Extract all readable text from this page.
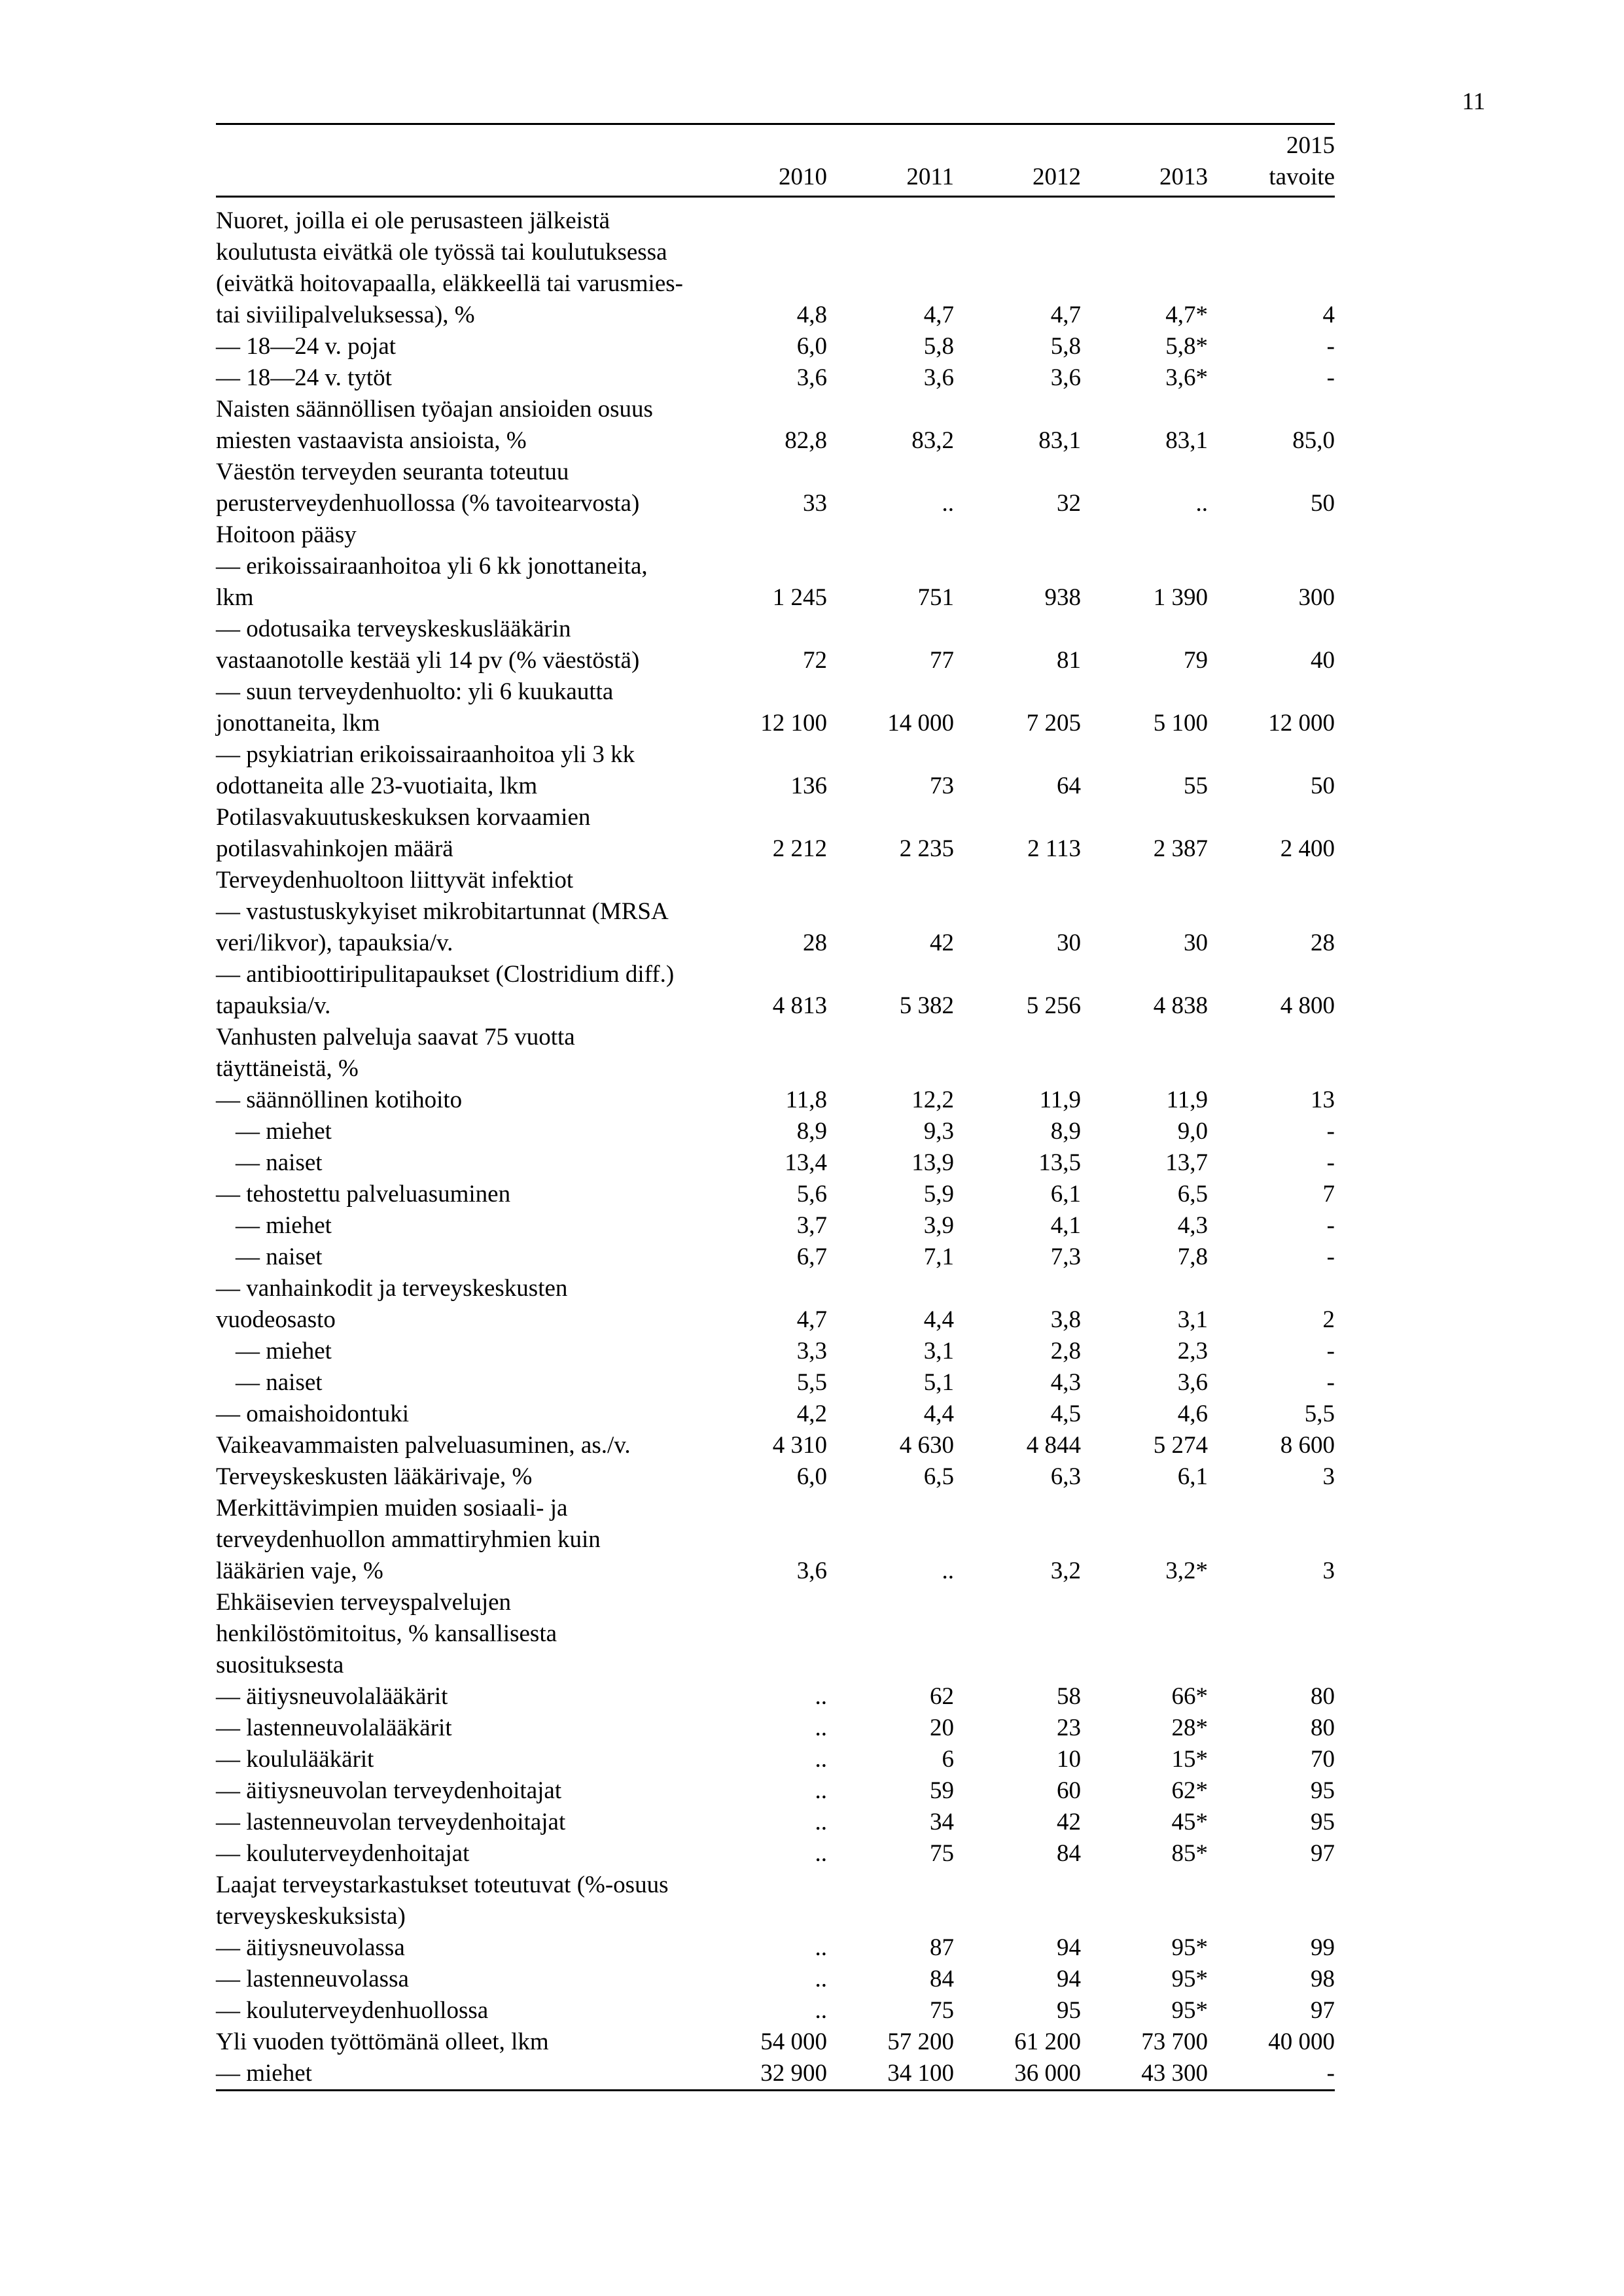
11
	2010	2011	2012	2013	2015
tavoite

Nuoret, joilla ei ole perusasteen jälkeistä koulutusta eivätkä ole työssä tai koulutuksessa (eivätkä hoitovapaalla, eläkkeellä tai varusmies- tai siviilipalveluksessa), %	4,8	4,7	4,7	4,7*	4
— 18—24 v. pojat	6,0	5,8	5,8	5,8*	-
— 18—24 v. tytöt	3,6	3,6	3,6	3,6*	-
Naisten säännöllisen työajan ansioiden osuus miesten vastaavista ansioista, %	82,8	83,2	83,1	83,1	85,0
Väestön terveyden seuranta toteutuu perusterveydenhuollossa (% tavoitearvosta)	33	..	32	..	50
Hoitoon pääsy					
— erikoissairaanhoitoa yli 6 kk jonottaneita, lkm	1 245	751	938	1 390	300
— odotusaika terveyskeskuslääkärin vastaanotolle kestää yli 14 pv (% väestöstä)	72	77	81	79	40
— suun terveydenhuolto: yli 6 kuukautta jonottaneita, lkm	12 100	14 000	7 205	5 100	12 000
— psykiatrian erikoissairaanhoitoa yli 3 kk odottaneita alle 23-vuotiaita, lkm	136	73	64	55	50
Potilasvakuutuskeskuksen korvaamien potilasvahinkojen määrä	2 212	2 235	2 113	2 387	2 400
Terveydenhuoltoon liittyvät infektiot					
— vastustuskykyiset mikrobitartunnat (MRSA veri/likvor), tapauksia/v.	28	42	30	30	28
— antibioottiripulitapaukset (Clostridium diff.) tapauksia/v.	4 813	5 382	5 256	4 838	4 800
Vanhusten palveluja saavat 75 vuotta täyttäneistä, %					
— säännöllinen kotihoito	11,8	12,2	11,9	11,9	13
— miehet	8,9	9,3	8,9	9,0	-
— naiset	13,4	13,9	13,5	13,7	-
— tehostettu palveluasuminen	5,6	5,9	6,1	6,5	7
— miehet	3,7	3,9	4,1	4,3	-
— naiset	6,7	7,1	7,3	7,8	-
— vanhainkodit ja terveyskeskusten vuodeosasto	4,7	4,4	3,8	3,1	2
— miehet	3,3	3,1	2,8	2,3	-
— naiset	5,5	5,1	4,3	3,6	-
— omaishoidontuki	4,2	4,4	4,5	4,6	5,5
Vaikeavammaisten palveluasuminen, as./v.	4 310	4 630	4 844	5 274	8 600
Terveyskeskusten lääkärivaje, %	6,0	6,5	6,3	6,1	3
Merkittävimpien muiden sosiaali- ja terveydenhuollon ammattiryhmien kuin lääkärien vaje, %	3,6	..	3,2	3,2*	3
Ehkäisevien terveyspalvelujen henkilöstömitoitus, % kansallisesta suosituksesta					
— äitiysneuvolalääkärit	..	62	58	66*	80
— lastenneuvolalääkärit	..	20	23	28*	80
— koululääkärit	..	6	10	15*	70
— äitiysneuvolan terveydenhoitajat	..	59	60	62*	95
— lastenneuvolan terveydenhoitajat	..	34	42	45*	95
— kouluterveydenhoitajat	..	75	84	85*	97
Laajat terveystarkastukset toteutuvat (%-osuus terveyskeskuksista)					
— äitiysneuvolassa	..	87	94	95*	99
— lastenneuvolassa	..	84	94	95*	98
— kouluterveydenhuollossa	..	75	95	95*	97
Yli vuoden työttömänä olleet, lkm	54 000	57 200	61 200	73 700	40 000
— miehet	32 900	34 100	36 000	43 300	-
